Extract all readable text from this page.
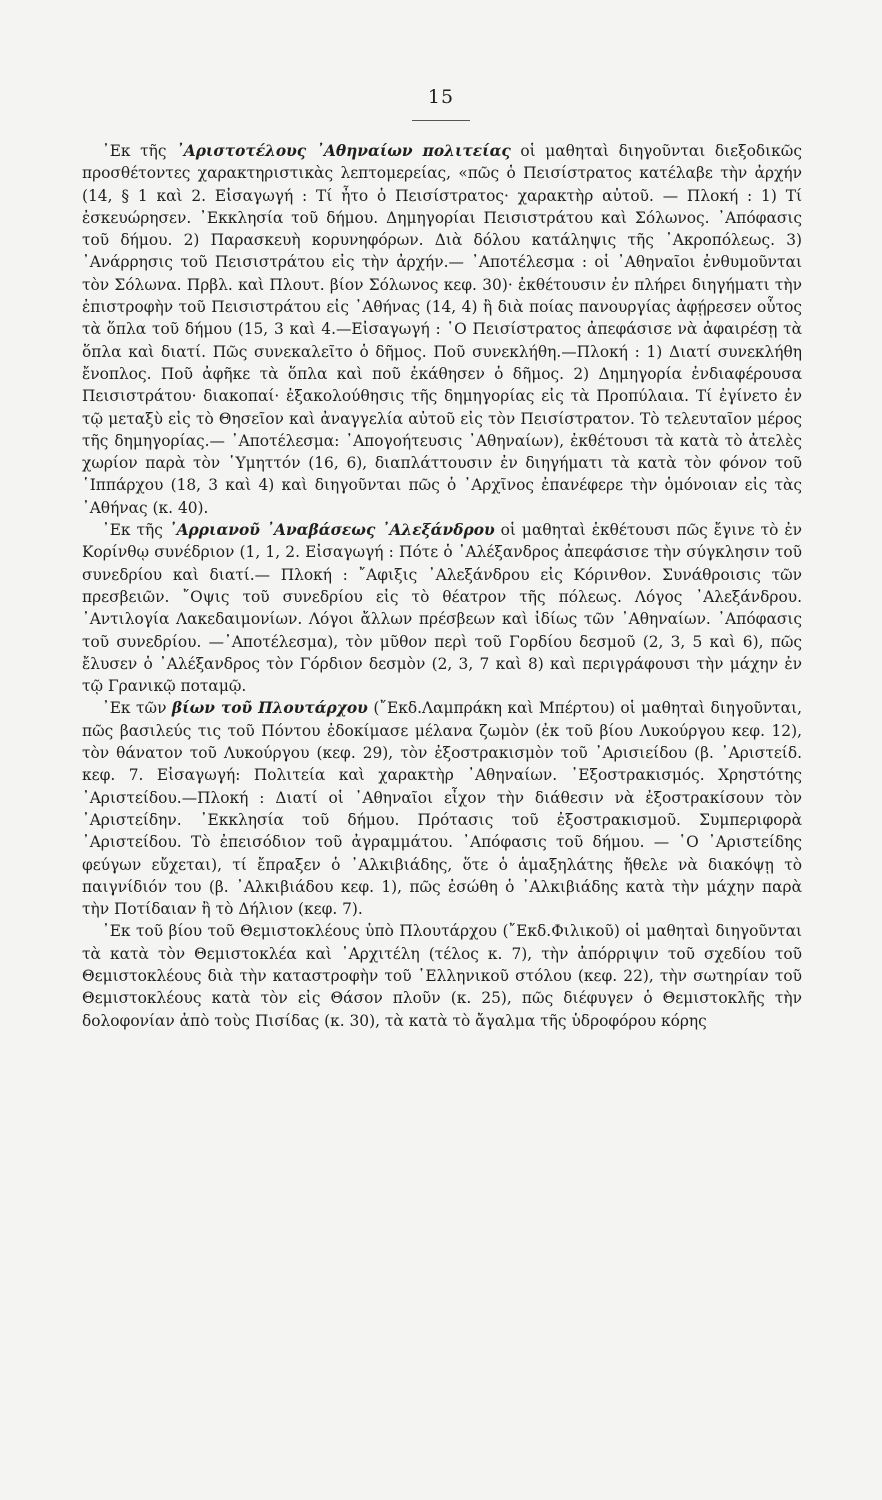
15

᾿Εκ τῆς ᾿Αριστοτέλους ᾿Αθηναίων πολιτείας οἱ μαθηταὶ διηγοῦνται διεξοδικῶς προσθέτοντες χαρακτηριστικὰς λεπτομερείας, «πῶς ὁ Πεισίστρατος κατέλαβε τὴν ἀρχήν (14, § 1 καὶ 2. Εἰσαγωγή : Τί ἦτο ὁ Πεισίστρατος· χαρακτὴρ αὐτοῦ. — Πλοκή : 1) Τί ἐσκευώρησεν. ᾿Εκκλησία τοῦ δήμου. Δημηγορίαι Πεισιστράτου καὶ Σόλωνος. ᾿Απόφασις τοῦ δήμου. 2) Παρασκευὴ κορυνηφόρων. Διὰ δόλου κατάληψις τῆς ᾿Ακροπόλεως. 3) ᾿Ανάρρησις τοῦ Πεισιστράτου εἰς τὴν ἀρχήν.— ᾿Αποτέλεσμα : οἱ ᾿Αθηναῖοι ἐνθυμοῦνται τὸν Σόλωνα. Πρβλ. καὶ Πλουτ. βίον Σόλωνος κεφ. 30)· ἐκθέτουσιν ἐν πλήρει διηγήματι τὴν ἐπιστροφὴν τοῦ Πεισιστράτου εἰς ᾿Αθήνας (14, 4) ἢ διὰ ποίας πανουργίας ἀφῄρεσεν οὗτος τὰ ὅπλα τοῦ δήμου (15, 3 καὶ 4.—Εἰσαγωγή : ῾Ο Πεισίστρατος ἀπεφάσισε νὰ ἀφαιρέσῃ τὰ ὅπλα καὶ διατί. Πῶς συνεκαλεῖτο ὁ δῆμος. Ποῦ συνεκλήθη.—Πλοκή : 1) Διατί συνεκλήθη ἔνοπλος. Ποῦ ἀφῆκε τὰ ὅπλα καὶ ποῦ ἐκάθησεν ὁ δῆμος. 2) Δημηγορία ἐνδιαφέρουσα Πεισιστράτου· διακοπαί· ἐξακολούθησις τῆς δημηγορίας εἰς τὰ Προπύλαια. Τί ἐγίνετο ἐν τῷ μεταξὺ εἰς τὸ Θησεῖον καὶ ἀναγγελία αὐτοῦ εἰς τὸν Πεισίστρατον. Τὸ τελευταῖον μέρος τῆς δημηγορίας.— ᾿Αποτέλεσμα: ᾿Απογοήτευσις ᾿Αθηναίων), ἐκθέτουσι τὰ κατὰ τὸ ἀτελὲς χωρίον παρὰ τὸν ῾Υμηττόν (16, 6), διαπλάττουσιν ἐν διηγήματι τὰ κατὰ τὸν φόνον τοῦ ῾Ιππάρχου (18, 3 καὶ 4) καὶ διηγοῦνται πῶς ὁ ᾿Αρχῖνος ἐπανέφερε τὴν ὁμόνοιαν εἰς τὰς ᾿Αθήνας (κ. 40).

᾿Εκ τῆς ᾿Αρριανοῦ ᾿Αναβάσεως ᾿Αλεξάνδρου οἱ μαθηταὶ ἐκθέτουσι πῶς ἔγινε τὸ ἐν Κορίνθῳ συνέδριον (1, 1, 2. Εἰσαγωγή : Πότε ὁ ᾿Αλέξανδρος ἀπεφάσισε τὴν σύγκλησιν τοῦ συνεδρίου καὶ διατί.— Πλοκή : ῎Αφιξις ᾿Αλεξάνδρου εἰς Κόρινθον. Συνάθροισις τῶν πρεσβειῶν. ῎Οψις τοῦ συνεδρίου εἰς τὸ θέατρον τῆς πόλεως. Λόγος ᾿Αλεξάνδρου. ᾿Αντιλογία Λακεδαιμονίων. Λόγοι ἄλλων πρέσβεων καὶ ἰδίως τῶν ᾿Αθηναίων. ᾿Απόφασις τοῦ συνεδρίου. —᾿Αποτέλεσμα), τὸν μῦθον περὶ τοῦ Γορδίου δεσμοῦ (2, 3, 5 καὶ 6), πῶς ἔλυσεν ὁ ᾿Αλέξανδρος τὸν Γόρδιον δεσμὸν (2, 3, 7 καὶ 8) καὶ περιγράφουσι τὴν μάχην ἐν τῷ Γρανικῷ ποταμῷ.

᾿Εκ τῶν βίων τοῦ Πλουτάρχου (῎Εκδ.Λαμπράκη καὶ Μπέρτου) οἱ μαθηταὶ διηγοῦνται, πῶς βασιλεύς τις τοῦ Πόντου ἐδοκίμασε μέλανα ζωμὸν (ἐκ τοῦ βίου Λυκούργου κεφ. 12), τὸν θάνατον τοῦ Λυκούργου (κεφ. 29), τὸν ἐξοστρακισμὸν τοῦ ᾿Αρισιείδου (β. ᾿Αριστείδ. κεφ. 7. Εἰσαγωγή: Πολιτεία καὶ χαρακτὴρ ᾿Αθηναίων. ᾿Εξοστρακισμός. Χρηστότης ᾿Αριστείδου.—Πλοκή : Διατί οἱ ᾿Αθηναῖοι εἶχον τὴν διάθεσιν νὰ ἐξοστρακίσουν τὸν ᾿Αριστείδην. ᾿Εκκλησία τοῦ δήμου. Πρότασις τοῦ ἐξοστρακισμοῦ. Συμπεριφορὰ ᾿Αριστείδου. Τὸ ἐπεισόδιον τοῦ ἀγραμμάτου. ᾿Απόφασις τοῦ δήμου. — ῾Ο ᾿Αριστείδης φεύγων εὔχεται), τί ἔπραξεν ὁ ᾿Αλκιβιάδης, ὅτε ὁ ἁμαξηλάτης ἤθελε νὰ διακόψῃ τὸ παιγνίδιόν του (β. ᾿Αλκιβιάδου κεφ. 1), πῶς ἐσώθη ὁ ᾿Αλκιβιάδης κατὰ τὴν μάχην παρὰ τὴν Ποτίδαιαν ἢ τὸ Δήλιον (κεφ. 7).

᾿Εκ τοῦ βίου τοῦ Θεμιστοκλέους ὑπὸ Πλουτάρχου (῎Εκδ.Φιλικοῦ) οἱ μαθηταὶ διηγοῦνται τὰ κατὰ τὸν Θεμιστοκλέα καὶ ᾿Αρχιτέλη (τέλος κ. 7), τὴν ἀπόρριψιν τοῦ σχεδίου τοῦ Θεμιστοκλέους διὰ τὴν καταστροφὴν τοῦ ῾Ελληνικοῦ στόλου (κεφ. 22), τὴν σωτηρίαν τοῦ Θεμιστοκλέους κατὰ τὸν εἰς Θάσον πλοῦν (κ. 25), πῶς διέφυγεν ὁ Θεμιστοκλῆς τὴν δολοφονίαν ἀπὸ τοὺς Πισίδας (κ. 30), τὰ κατὰ τὸ ἄγαλμα τῆς ὑδροφόρου κόρης
